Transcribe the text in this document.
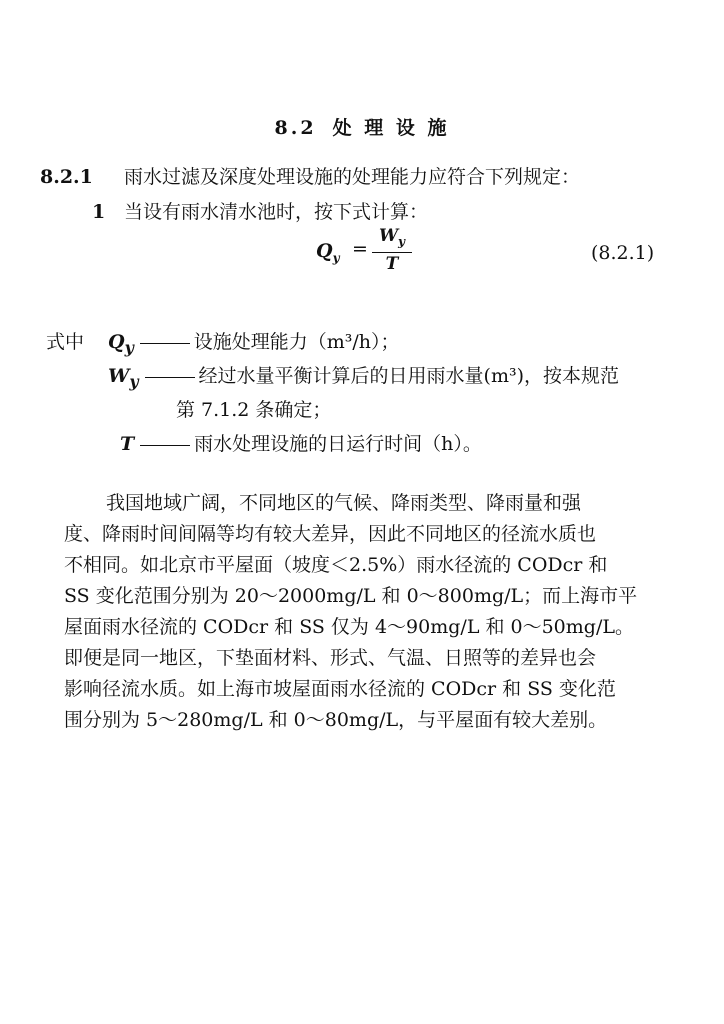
8.2 处 理 设 施
8.2.1 雨水过滤及深度处理设施的处理能力应符合下列规定：
1 当设有雨水清水池时，按下式计算：
$Q_y$ =
$W_y$
T
(8.2.1)
式中 $Q_y$	设施处理能力（m³/h）；
$W_y$	经过水量平衡计算后的日用雨水量(m³)，按本规范
第 7.1.2 条确定；
T	雨水处理设施的日运行时间（h）。
我国地域广阔，不同地区的气候、降雨类型、降雨量和强
度、降雨时间间隔等均有较大差异，因此不同地区的径流水质也
不相同。如北京市平屋面（坡度＜2.5%）雨水径流的 CODcr 和
SS 变化范围分别为 20～2000mg/L 和 0～800mg/L；而上海市平
屋面雨水径流的 CODcr 和 SS 仅为 4～90mg/L 和 0～50mg/L。
即便是同一地区，下垫面材料、形式、气温、日照等的差异也会
影响径流水质。如上海市坡屋面雨水径流的 CODcr 和 SS 变化范
围分别为 5～280mg/L 和 0～80mg/L，与平屋面有较大差别。
